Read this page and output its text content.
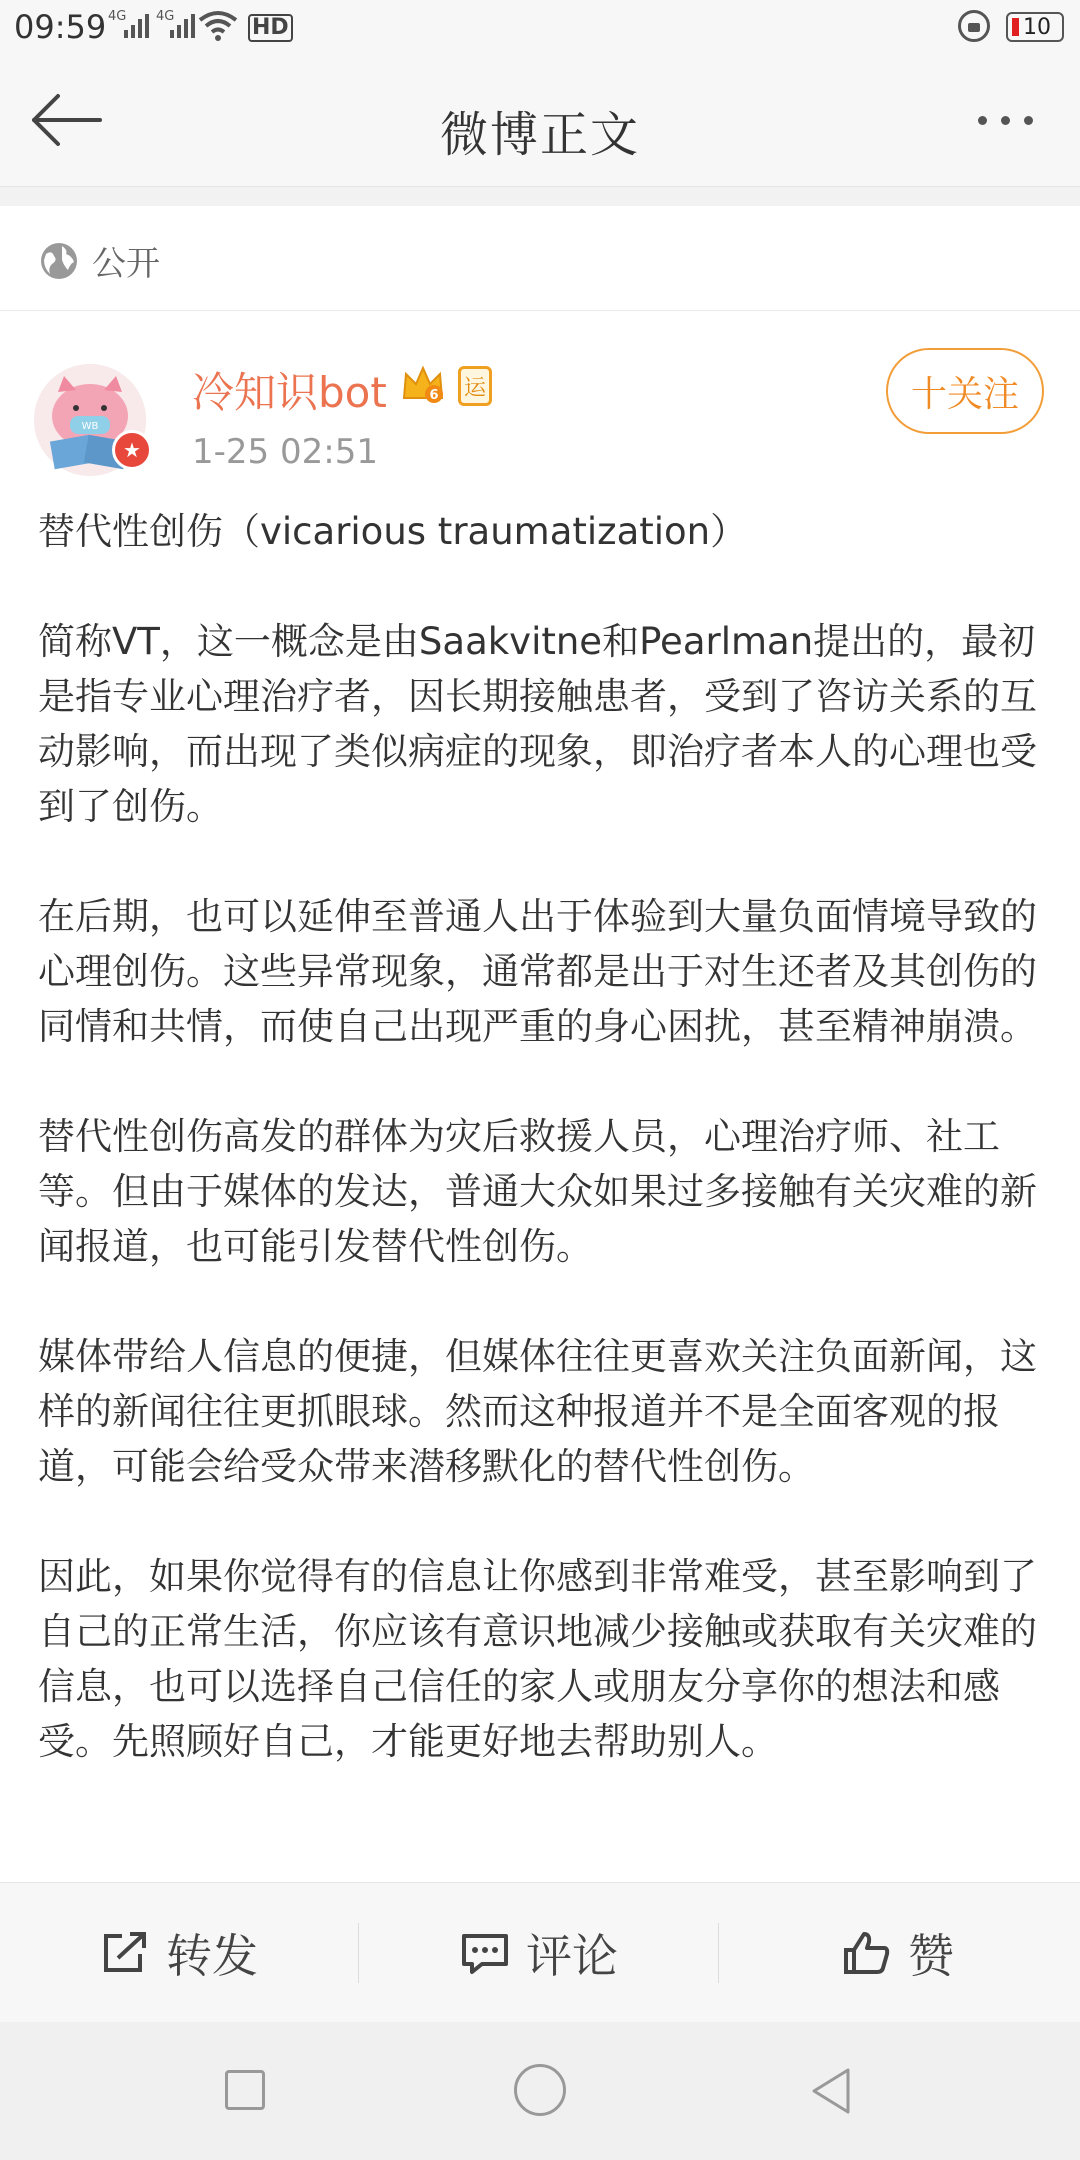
09:59 4G 4G	HD	10
微博正文
公开
WB
★
冷知识bot	6 运
1-25 02:51
十关注

替代性创伤（vicarious traumatization）

简称VT，这一概念是由Saakvitne和Pearlman提出的，最初是指专业心理治疗者，因长期接触患者，受到了咨访关系的互动影响，而出现了类似病症的现象，即治疗者本人的心理也受到了创伤。

在后期，也可以延伸至普通人出于体验到大量负面情境导致的心理创伤。这些异常现象，通常都是出于对生还者及其创伤的同情和共情，而使自己出现严重的身心困扰，甚至精神崩溃。

替代性创伤高发的群体为灾后救援人员，心理治疗师、社工等。但由于媒体的发达，普通大众如果过多接触有关灾难的新闻报道，也可能引发替代性创伤。

媒体带给人信息的便捷，但媒体往往更喜欢关注负面新闻，这样的新闻往往更抓眼球。然而这种报道并不是全面客观的报道，可能会给受众带来潜移默化的替代性创伤。

因此，如果你觉得有的信息让你感到非常难受，甚至影响到了自己的正常生活，你应该有意识地减少接触或获取有关灾难的信息，也可以选择自己信任的家人或朋友分享你的想法和感受。先照顾好自己，才能更好地去帮助别人。

转发	评论	赞
